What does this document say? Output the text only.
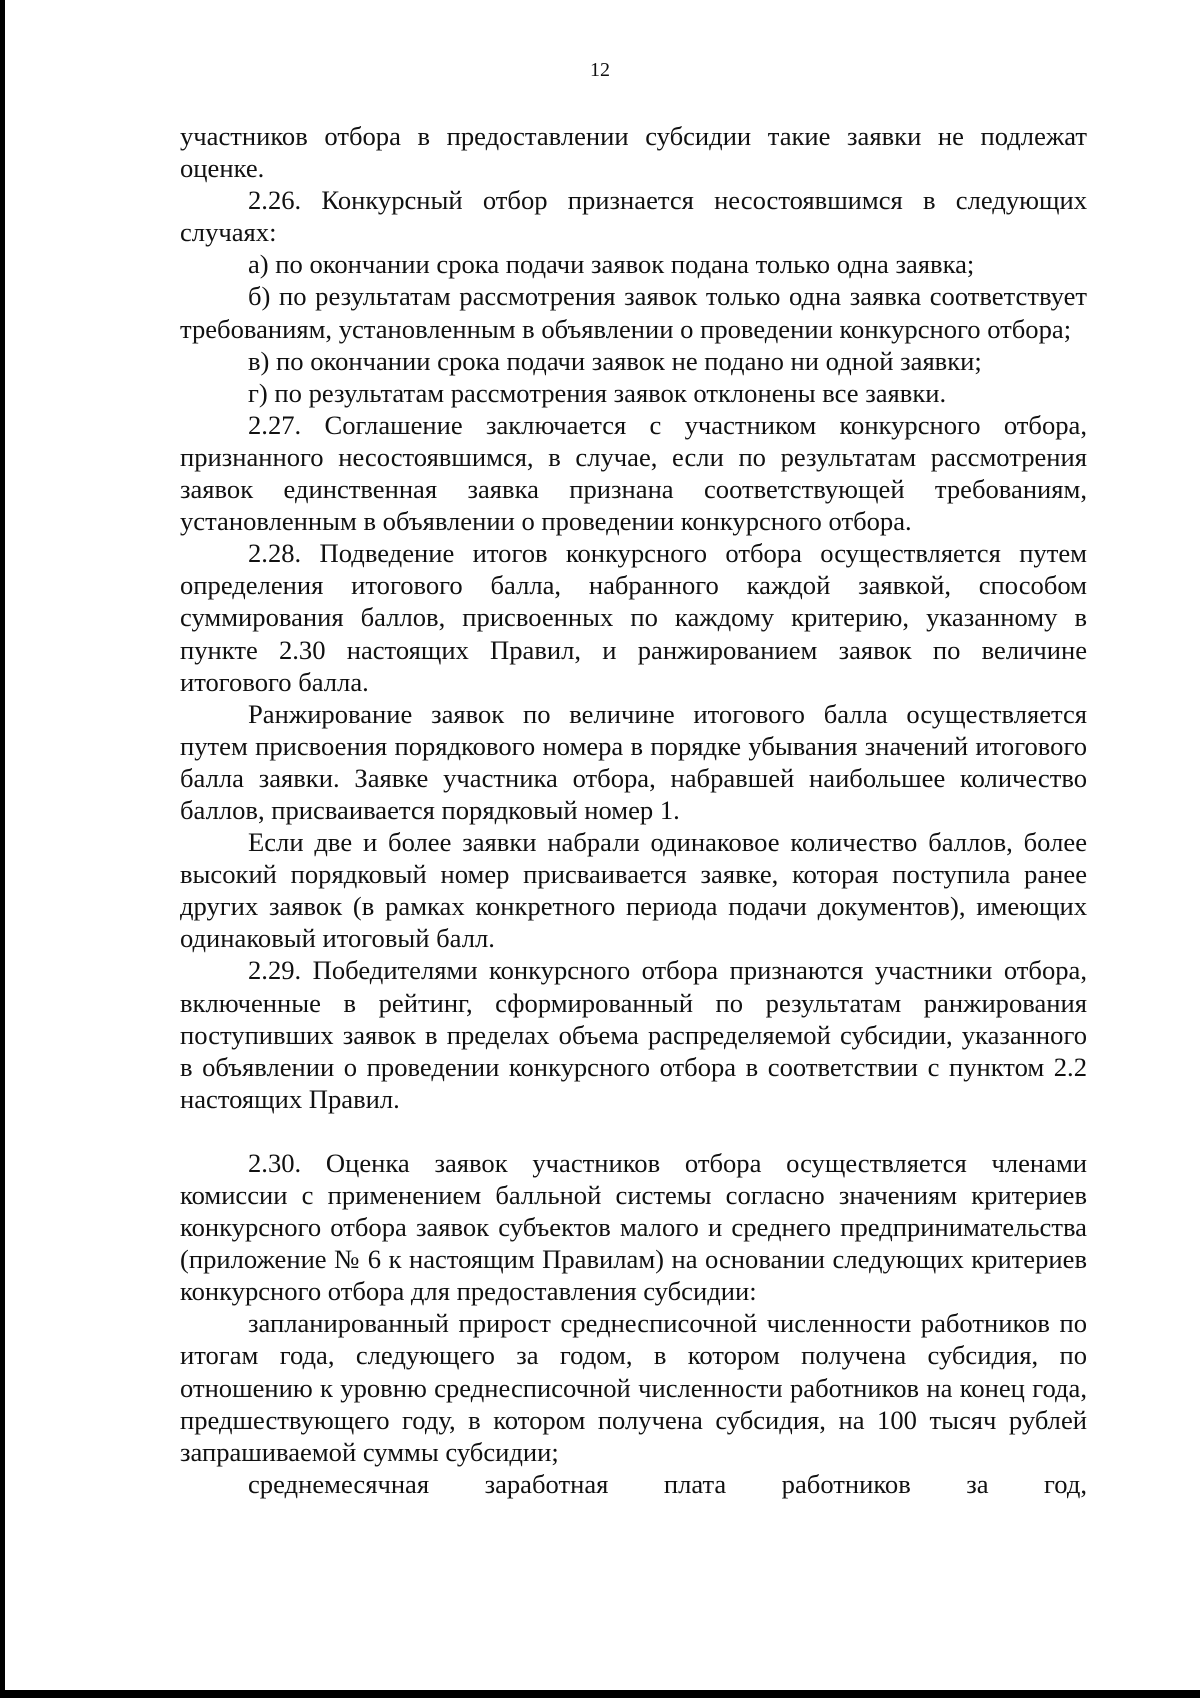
12

участников отбора в предоставлении субсидии такие заявки не подлежат оценке.

2.26. Конкурсный отбор признается несостоявшимся в следующих случаях:

а) по окончании срока подачи заявок подана только одна заявка;

б) по результатам рассмотрения заявок только одна заявка соответствует требованиям, установленным в объявлении о проведении конкурсного отбора;

в) по окончании срока подачи заявок не подано ни одной заявки;

г) по результатам рассмотрения заявок отклонены все заявки.

2.27. Соглашение заключается с участником конкурсного отбора, признанного несостоявшимся, в случае, если по результатам рассмотрения заявок единственная заявка признана соответствующей требованиям, установленным в объявлении о проведении конкурсного отбора.

2.28. Подведение итогов конкурсного отбора осуществляется путем определения итогового балла, набранного каждой заявкой, способом суммирования баллов, присвоенных по каждому критерию, указанному в пункте 2.30 настоящих Правил, и ранжированием заявок по величине итогового балла.

Ранжирование заявок по величине итогового балла осуществляется путем присвоения порядкового номера в порядке убывания значений итогового балла заявки. Заявке участника отбора, набравшей наибольшее количество баллов, присваивается порядковый номер 1.

Если две и более заявки набрали одинаковое количество баллов, более высокий порядковый номер присваивается заявке, которая поступила ранее других заявок (в рамках конкретного периода подачи документов), имеющих одинаковый итоговый балл.

2.29. Победителями конкурсного отбора признаются участники отбора, включенные в рейтинг, сформированный по результатам ранжирования поступивших заявок в пределах объема распределяемой субсидии, указанного в объявлении о проведении конкурсного отбора в соответствии с пунктом 2.2 настоящих Правил.

2.30. Оценка заявок участников отбора осуществляется членами комиссии с применением балльной системы согласно значениям критериев конкурсного отбора заявок субъектов малого и среднего предпринимательства (приложение № 6 к настоящим Правилам) на основании следующих критериев конкурсного отбора для предоставления субсидии:

запланированный прирост среднесписочной численности работников по итогам года, следующего за годом, в котором получена субсидия, по отношению к уровню среднесписочной численности работников на конец года, предшествующего году, в котором получена субсидия, на 100 тысяч рублей запрашиваемой суммы субсидии;

среднемесячная заработная плата работников за год,
